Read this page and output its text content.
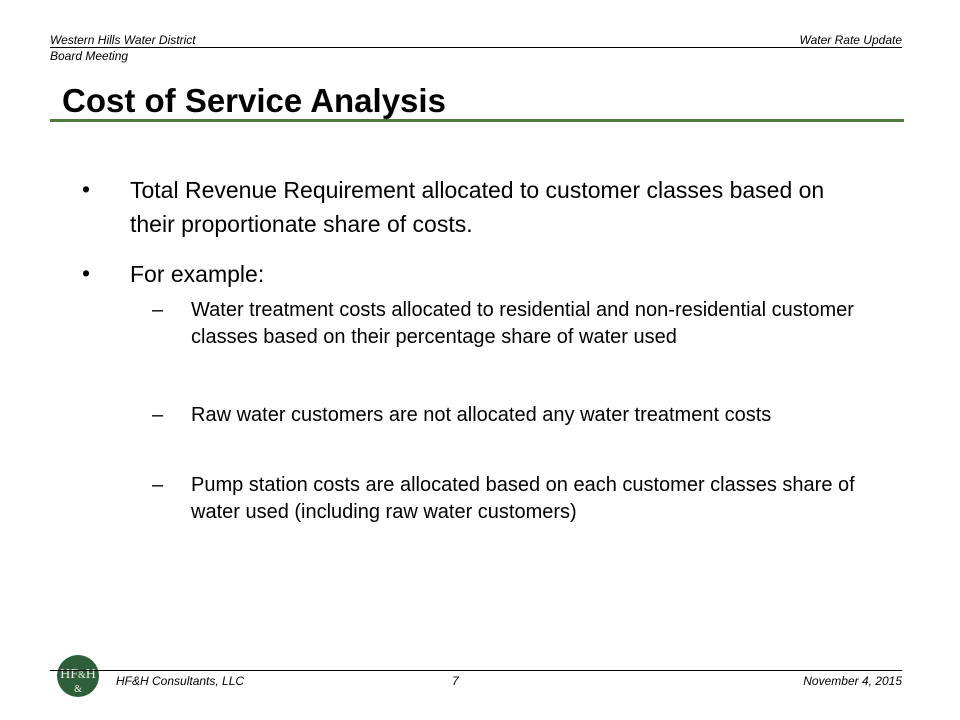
Western Hills Water District
Board Meeting
Water Rate Update
Cost of Service Analysis
• Total Revenue Requirement allocated to customer classes based on their proportionate share of costs.
• For example:
– Water treatment costs allocated to residential and non-residential customer classes based on their percentage share of water used
– Raw water customers are not allocated any water treatment costs
– Pump station costs are allocated based on each customer classes share of water used (including raw water customers)
HF&H
&
HF&H Consultants, LLC	7	November 4, 2015
